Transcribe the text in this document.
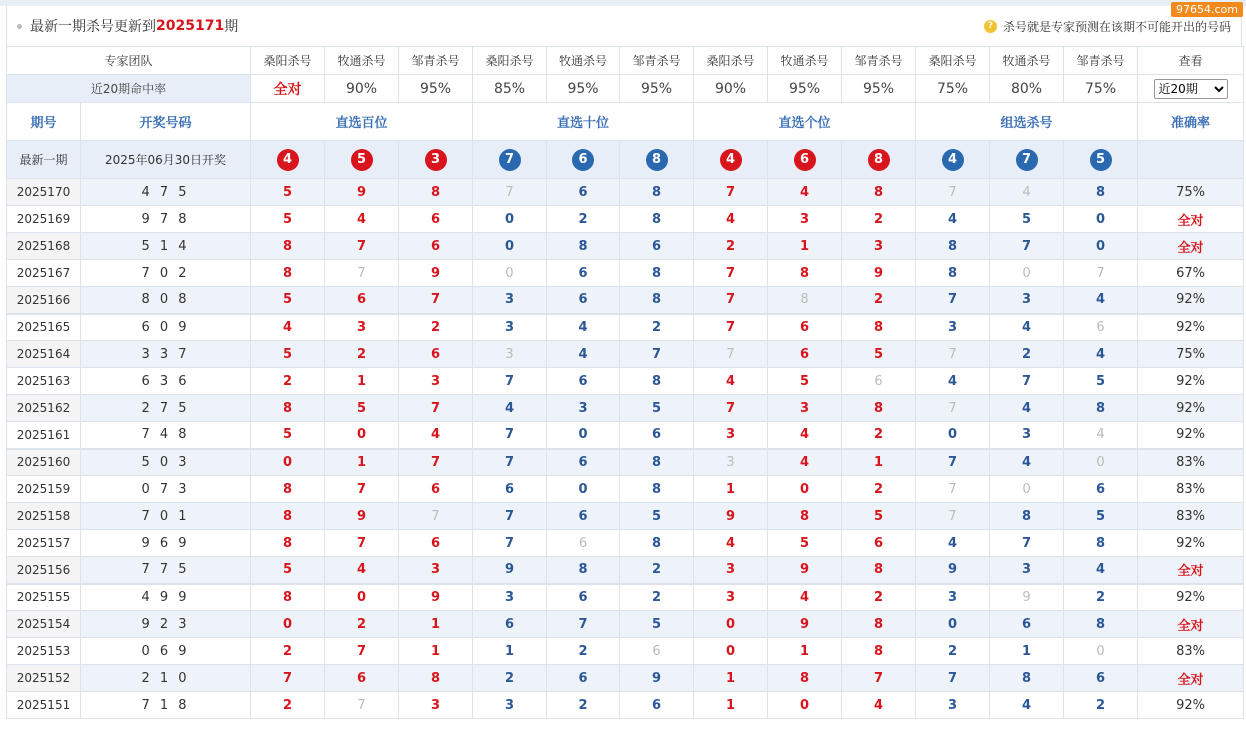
最新一期杀号更新到 2025171 期	? 杀号就是专家预测在该期不可能开出的号码
97654.com
专家团队		桑阳杀号	牧通杀号	邹青杀号	桑阳杀号	牧通杀号	邹青杀号	桑阳杀号	牧通杀号	邹青杀号	桑阳杀号	牧通杀号	邹青杀号	查看
近20期命中率		全对	90%	95%	85%	95%	95%	90%	95%	95%	75%	80%	75%	
近20期
期号	开奖号码	直选百位			直选十位			直选个位			组选杀号			准确率
最新一期	2025年06月30日开奖	4	5	3	7	6	8	4	6	8	4	7	5	
2025170	4 7 5	5	9	8	7	6	8	7	4	8	7	4	8	75%
2025169	9 7 8	5	4	6	0	2	8	4	3	2	4	5	0	全对
2025168	5 1 4	8	7	6	0	8	6	2	1	3	8	7	0	全对
2025167	7 0 2	8	7	9	0	6	8	7	8	9	8	0	7	67%
2025166	8 0 8	5	6	7	3	6	8	7	8	2	7	3	4	92%
2025165	6 0 9	4	3	2	3	4	2	7	6	8	3	4	6	92%
2025164	3 3 7	5	2	6	3	4	7	7	6	5	7	2	4	75%
2025163	6 3 6	2	1	3	7	6	8	4	5	6	4	7	5	92%
2025162	2 7 5	8	5	7	4	3	5	7	3	8	7	4	8	92%
2025161	7 4 8	5	0	4	7	0	6	3	4	2	0	3	4	92%
2025160	5 0 3	0	1	7	7	6	8	3	4	1	7	4	0	83%
2025159	0 7 3	8	7	6	6	0	8	1	0	2	7	0	6	83%
2025158	7 0 1	8	9	7	7	6	5	9	8	5	7	8	5	83%
2025157	9 6 9	8	7	6	7	6	8	4	5	6	4	7	8	92%
2025156	7 7 5	5	4	3	9	8	2	3	9	8	9	3	4	全对
2025155	4 9 9	8	0	9	3	6	2	3	4	2	3	9	2	92%
2025154	9 2 3	0	2	1	6	7	5	0	9	8	0	6	8	全对
2025153	0 6 9	2	7	1	1	2	6	0	1	8	2	1	0	83%
2025152	2 1 0	7	6	8	2	6	9	1	8	7	7	8	6	全对
2025151	7 1 8	2	7	3	3	2	6	1	0	4	3	4	2	92%
